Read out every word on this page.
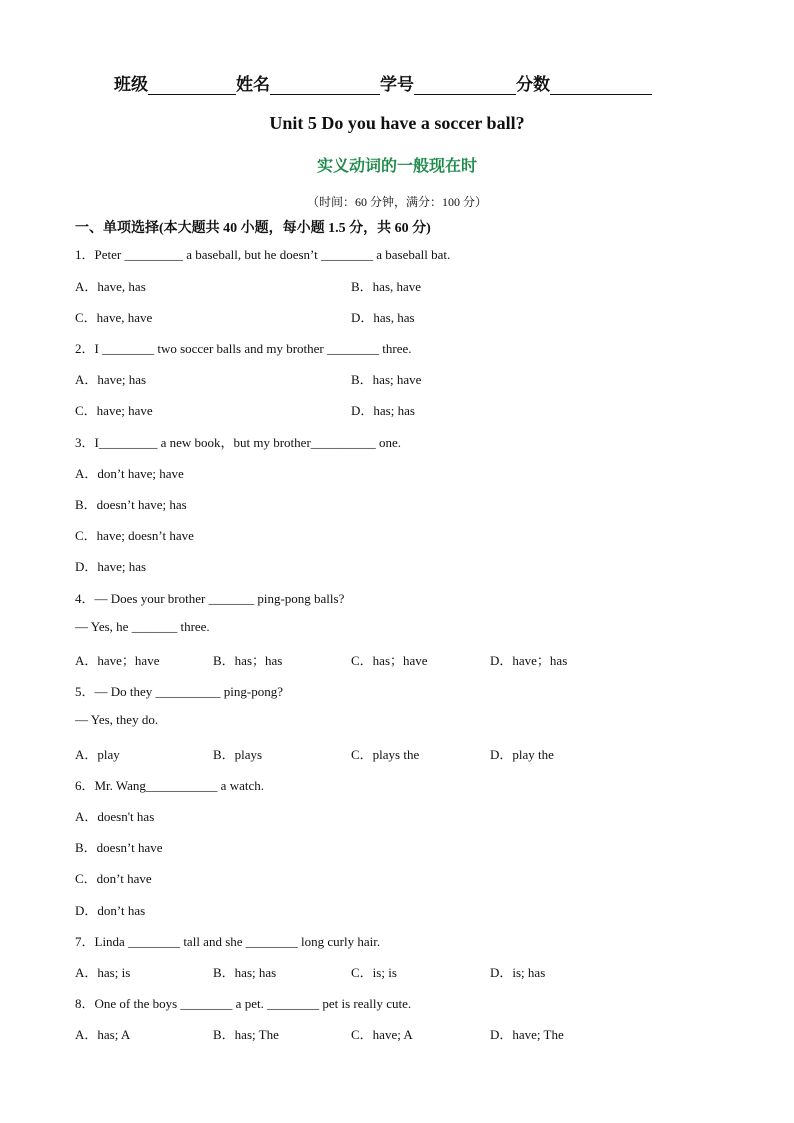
班级	姓名	学号	分数
Unit 5 Do you have a soccer ball?
实义动词的一般现在时
（时间：60 分钟，满分：100 分）
一、单项选择(本大题共 40 小题，每小题 1.5 分，共 60 分)
1．Peter _________ a baseball, but he doesn’t ________ a baseball bat.
A．have, has	B．has, have
C．have, have	D．has, has
2．I ________ two soccer balls and my brother ________ three.
A．have; has	B．has; have
C．have; have	D．has; has
3．I_________ a new book，but my brother__________ one.
A．don’t have; have
B．doesn’t have; has
C．have; doesn’t have
D．have; has
4．— Does your brother _______ ping-pong balls?
— Yes, he _______ three.
A．have；have	B．has；has	C．has；have	D．have；has
5．— Do they __________ ping-pong?
— Yes, they do.
A．play	B．plays	C．plays the	D．play the
6．Mr. Wang___________ a watch.
A．doesn't has
B．doesn’t have
C．don’t have
D．don’t has
7．Linda ________ tall and she ________ long curly hair.
A．has; is	B．has; has	C．is; is	D．is; has
8．One of the boys ________ a pet. ________ pet is really cute.
A．has; A	B．has; The	C．have; A	D．have; The
